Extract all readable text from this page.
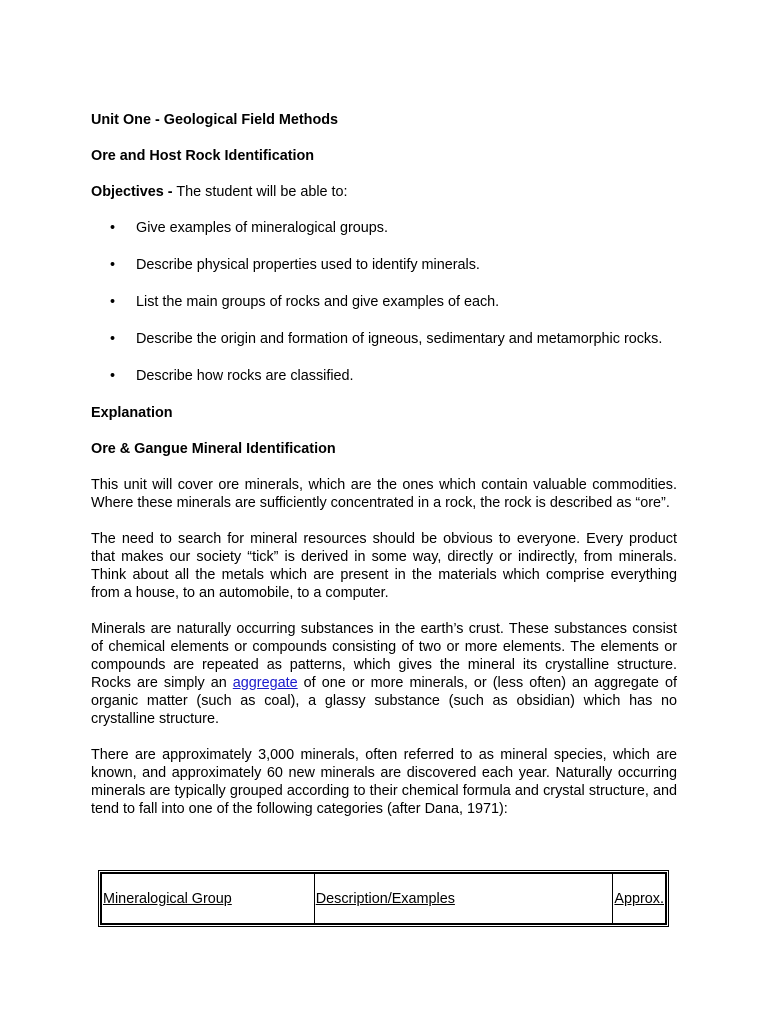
Unit One - Geological Field Methods
Ore and Host Rock Identification
Objectives - The student will be able to:
• Give examples of mineralogical groups.
• Describe physical properties used to identify minerals.
• List the main groups of rocks and give examples of each.
• Describe the origin and formation of igneous, sedimentary and metamorphic rocks.
• Describe how rocks are classified.
Explanation
Ore & Gangue Mineral Identification

This unit will cover ore minerals, which are the ones which contain valuable commodities. Where these minerals are sufficiently concentrated in a rock, the rock is described as “ore”.

The need to search for mineral resources should be obvious to everyone. Every product that makes our society “tick” is derived in some way, directly or indirectly, from minerals. Think about all the metals which are present in the materials which comprise everything from a house, to an automobile, to a computer.

Minerals are naturally occurring substances in the earth’s crust. These substances consist of chemical elements or compounds consisting of two or more elements. The elements or compounds are repeated as patterns, which gives the mineral its crystalline structure. Rocks are simply an aggregate of one or more minerals, or (less often) an aggregate of organic matter (such as coal), a glassy substance (such as obsidian) which has no crystalline structure.

There are approximately 3,000 minerals, often referred to as mineral species, which are known, and approximately 60 new minerals are discovered each year. Naturally occurring minerals are typically grouped according to their chemical formula and crystal structure, and tend to fall into one of the following categories (after Dana, 1971):

Mineralogical Group	Description/Examples	Approx.
